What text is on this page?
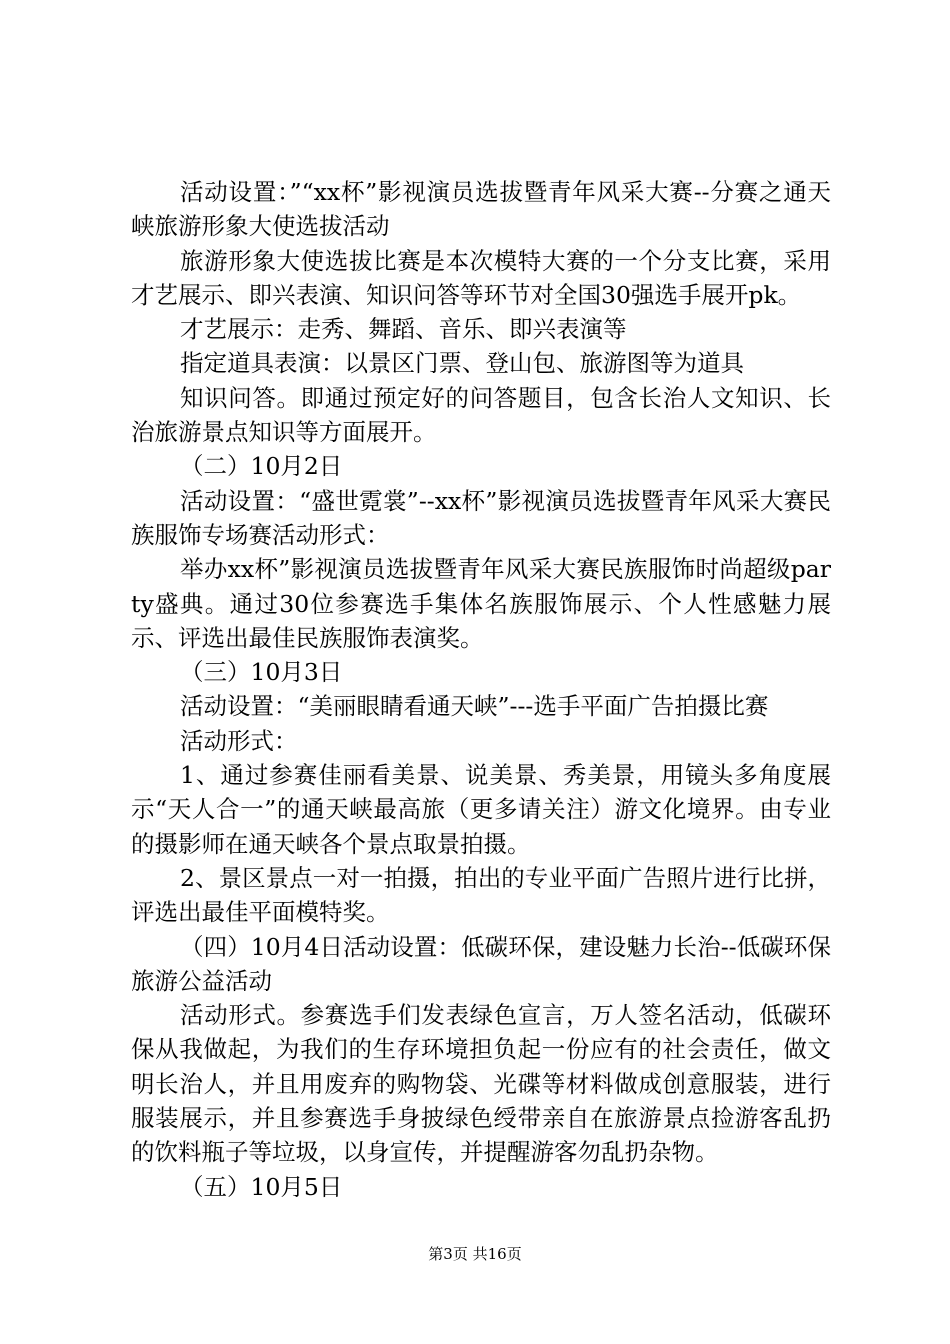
活动设置：”“xx杯”影视演员选拔暨青年风采大赛--分赛之通天峡旅游形象大使选拔活动

旅游形象大使选拔比赛是本次模特大赛的一个分支比赛，采用才艺展示、即兴表演、知识问答等环节对全国30强选手展开pk。

才艺展示：走秀、舞蹈、音乐、即兴表演等

指定道具表演：以景区门票、登山包、旅游图等为道具

知识问答。即通过预定好的问答题目，包含长治人文知识、长治旅游景点知识等方面展开。

（二）10月2日

活动设置：“盛世霓裳”--xx杯”影视演员选拔暨青年风采大赛民族服饰专场赛活动形式：

举办xx杯”影视演员选拔暨青年风采大赛民族服饰时尚超级party盛典。通过30位参赛选手集体名族服饰展示、个人性感魅力展示、评选出最佳民族服饰表演奖。

（三）10月3日

活动设置：“美丽眼睛看通天峡”---选手平面广告拍摄比赛

活动形式：

1、通过参赛佳丽看美景、说美景、秀美景，用镜头多角度展示“天人合一”的通天峡最高旅（更多请关注）游文化境界。由专业的摄影师在通天峡各个景点取景拍摄。

2、景区景点一对一拍摄，拍出的专业平面广告照片进行比拼，评选出最佳平面模特奖。

（四）10月4日活动设置：低碳环保，建设魅力长治--低碳环保旅游公益活动

活动形式。参赛选手们发表绿色宣言，万人签名活动，低碳环保从我做起，为我们的生存环境担负起一份应有的社会责任，做文明长治人，并且用废弃的购物袋、光碟等材料做成创意服装，进行服装展示，并且参赛选手身披绿色绶带亲自在旅游景点捡游客乱扔的饮料瓶子等垃圾，以身宣传，并提醒游客勿乱扔杂物。

（五）10月5日

第3页 共16页
